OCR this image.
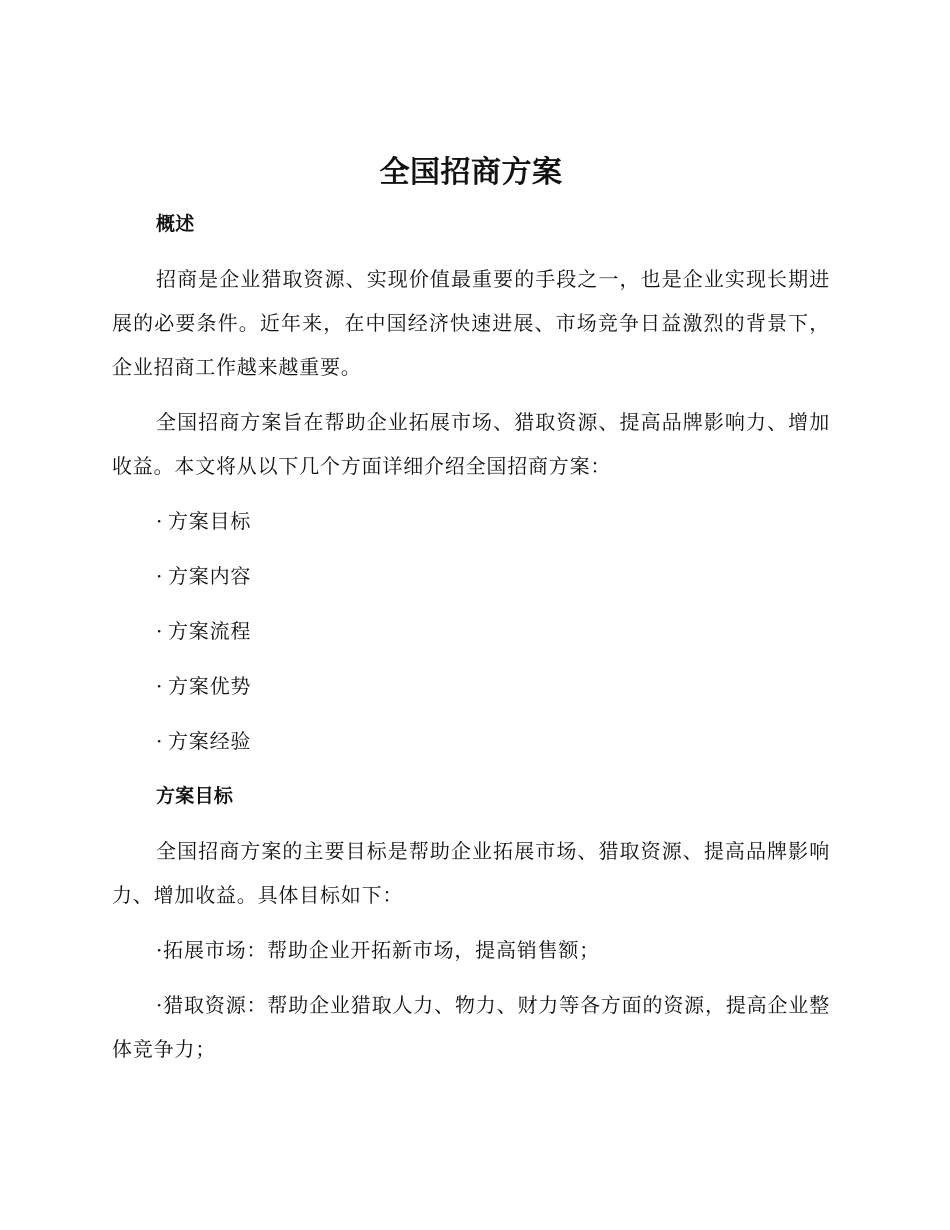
全国招商方案
概述

招商是企业猎取资源、实现价值最重要的手段之一，也是企业实现长期进展的必要条件。近年来，在中国经济快速进展、市场竞争日益激烈的背景下，企业招商工作越来越重要。

全国招商方案旨在帮助企业拓展市场、猎取资源、提高品牌影响力、增加收益。本文将从以下几个方面详细介绍全国招商方案：

· 方案目标
· 方案内容
· 方案流程
· 方案优势
· 方案经验
方案目标

全国招商方案的主要目标是帮助企业拓展市场、猎取资源、提高品牌影响力、增加收益。具体目标如下：

·拓展市场：帮助企业开拓新市场，提高销售额；

·猎取资源：帮助企业猎取人力、物力、财力等各方面的资源，提高企业整体竞争力；
